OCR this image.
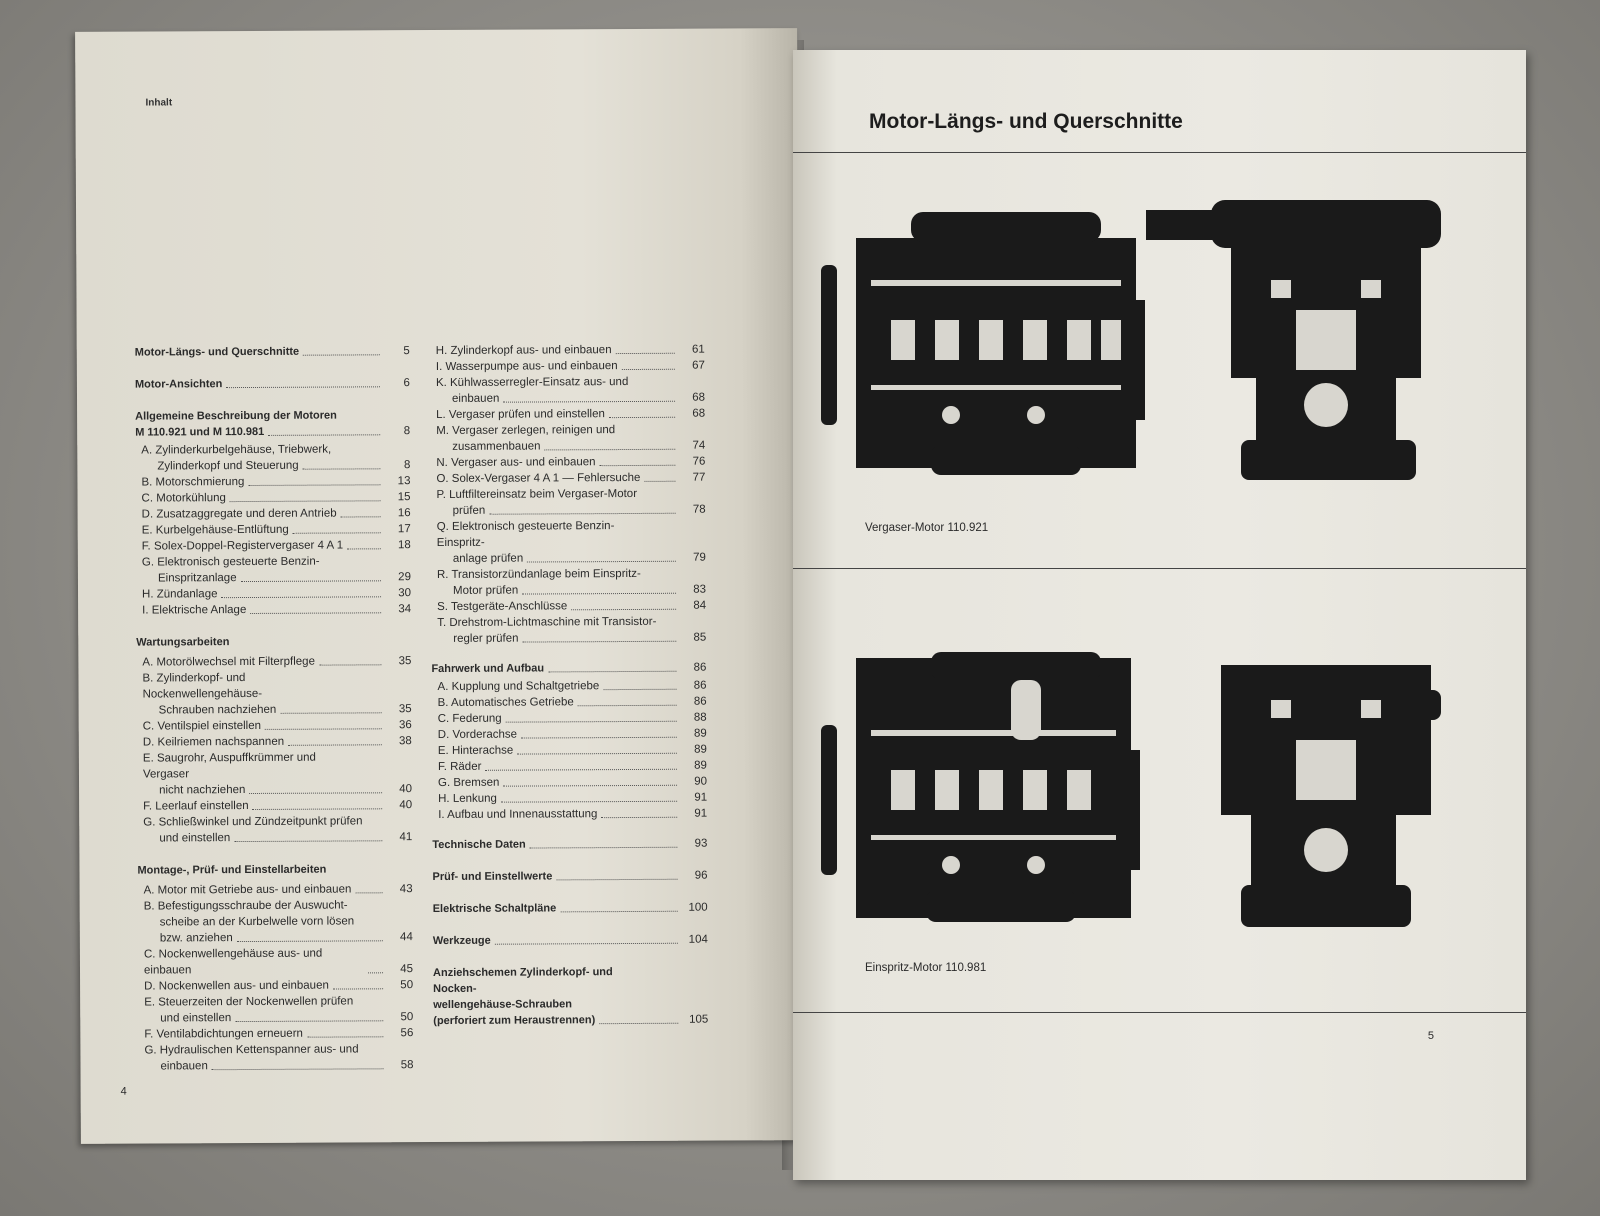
Inhalt
Motor-Längs- und Querschnitte	5
Motor-Ansichten	6
Allgemeine Beschreibung der Motoren
M 110.921 und M 110.981	8
A. Zylinderkurbelgehäuse, Triebwerk,
Zylinderkopf und Steuerung	8
B. Motorschmierung	13
C. Motorkühlung	15
D. Zusatzaggregate und deren Antrieb	16
E. Kurbelgehäuse-Entlüftung	17
F. Solex-Doppel-Registervergaser 4 A 1	18
G. Elektronisch gesteuerte Benzin-
Einspritzanlage	29
H. Zündanlage	30
I. Elektrische Anlage	34
Wartungsarbeiten
A. Motorölwechsel mit Filterpflege	35
B. Zylinderkopf- und Nockenwellengehäuse-
Schrauben nachziehen	35
C. Ventilspiel einstellen	36
D. Keilriemen nachspannen	38
E. Saugrohr, Auspuffkrümmer und Vergaser
nicht nachziehen	40
F. Leerlauf einstellen	40
G. Schließwinkel und Zündzeitpunkt prüfen
und einstellen	41
Montage-, Prüf- und Einstellarbeiten
A. Motor mit Getriebe aus- und einbauen	43
B. Befestigungsschraube der Auswucht-
scheibe an der Kurbelwelle vorn lösen
bzw. anziehen	44
C. Nockenwellengehäuse aus- und einbauen	45
D. Nockenwellen aus- und einbauen	50
E. Steuerzeiten der Nockenwellen prüfen
und einstellen	50
F. Ventilabdichtungen erneuern	56
G. Hydraulischen Kettenspanner aus- und
einbauen	58
H. Zylinderkopf aus- und einbauen	61
I. Wasserpumpe aus- und einbauen	67
K. Kühlwasserregler-Einsatz aus- und
einbauen	68
L. Vergaser prüfen und einstellen	68
M. Vergaser zerlegen, reinigen und
zusammenbauen	74
N. Vergaser aus- und einbauen	76
O. Solex-Vergaser 4 A 1 — Fehlersuche	77
P. Luftfiltereinsatz beim Vergaser-Motor
prüfen	78
Q. Elektronisch gesteuerte Benzin-Einspritz-
anlage prüfen	79
R. Transistorzündanlage beim Einspritz-
Motor prüfen	83
S. Testgeräte-Anschlüsse	84
T. Drehstrom-Lichtmaschine mit Transistor-
regler prüfen	85
Fahrwerk und Aufbau	86
A. Kupplung und Schaltgetriebe	86
B. Automatisches Getriebe	86
C. Federung	88
D. Vorderachse	89
E. Hinterachse	89
F. Räder	89
G. Bremsen	90
H. Lenkung	91
I. Aufbau und Innenausstattung	91
Technische Daten	93
Prüf- und Einstellwerte	96
Elektrische Schaltpläne	100
Werkzeuge	104
Anziehschemen Zylinderkopf- und Nocken-
wellengehäuse-Schrauben
(perforiert zum Heraustrennen)	105
4
Motor-Längs- und Querschnitte
Vergaser-Motor 110.921
Einspritz-Motor 110.981
5
